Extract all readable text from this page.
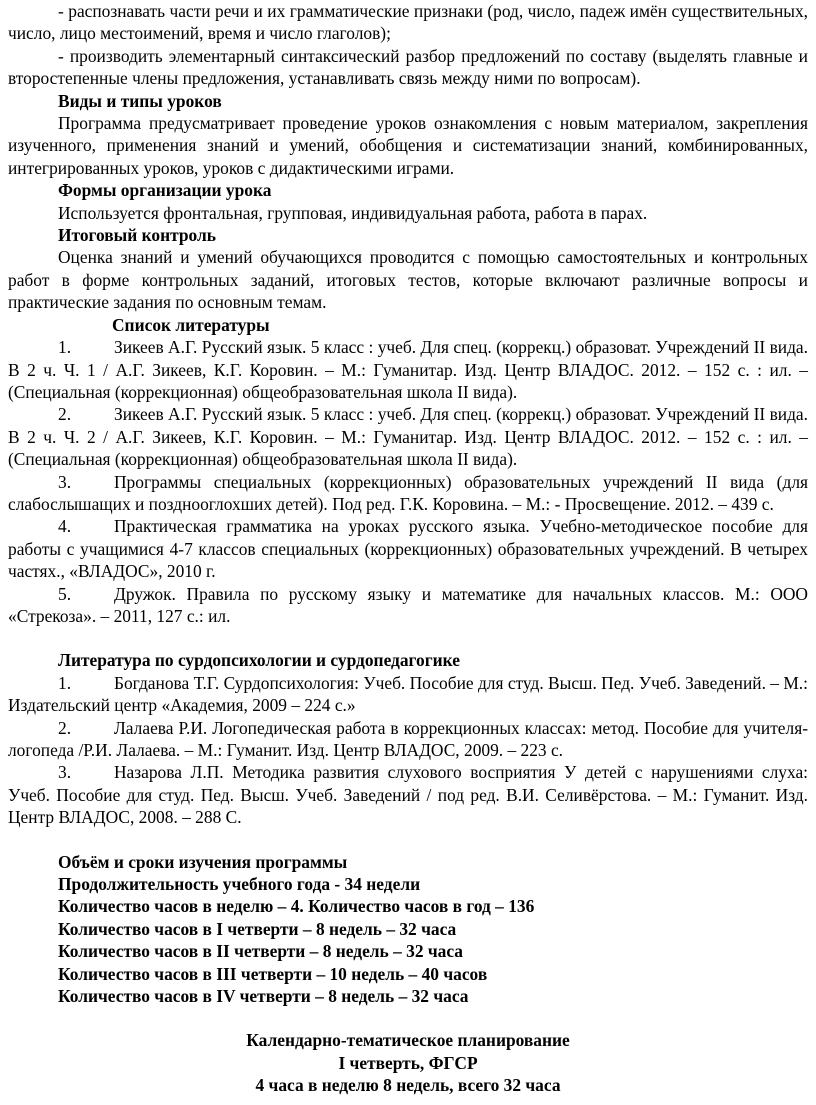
- распознавать части речи и их грамматические признаки (род, число, падеж имён существительных, число, лицо местоимений, время и число глаголов);

- производить элементарный синтаксический разбор предложений по составу (выделять главные и второстепенные члены предложения, устанавливать связь между ними по вопросам).

Виды и типы уроков

Программа предусматривает проведение уроков ознакомления с новым материалом, закрепления изученного, применения знаний и умений, обобщения и систематизации знаний, комбинированных, интегрированных уроков, уроков с дидактическими играми.

Формы организации урока

Используется фронтальная, групповая, индивидуальная работа, работа в парах.

Итоговый контроль

Оценка знаний и умений обучающихся проводится с помощью самостоятельных и контрольных работ в форме контрольных заданий, итоговых тестов, которые включают различные вопросы и практические задания по основным темам.

Список литературы

1. Зикеев А.Г. Русский язык. 5 класс : учеб. Для спец. (коррекц.) образоват. Учреждений II вида. В 2 ч. Ч. 1 / А.Г. Зикеев, К.Г. Коровин. – М.: Гуманитар. Изд. Центр ВЛАДОС. 2012. – 152 с. : ил. – (Специальная (коррекционная) общеобразовательная школа II вида).

2. Зикеев А.Г. Русский язык. 5 класс : учеб. Для спец. (коррекц.) образоват. Учреждений II вида. В 2 ч. Ч. 2 / А.Г. Зикеев, К.Г. Коровин. – М.: Гуманитар. Изд. Центр ВЛАДОС. 2012. – 152 с. : ил. – (Специальная (коррекционная) общеобразовательная школа II вида).

3. Программы специальных (коррекционных) образовательных учреждений II вида (для слабослышащих и позднооглохших детей). Под ред. Г.К. Коровина. – М.: - Просвещение. 2012. – 439 с.

4. Практическая грамматика на уроках русского языка. Учебно-методическое пособие для работы с учащимися 4-7 классов специальных (коррекционных) образовательных учреждений. В четырех частях., «ВЛАДОС», 2010 г.

5. Дружок. Правила по русскому языку и математике для начальных классов. М.: ООО «Стрекоза». – 2011, 127 с.: ил.

Литература по сурдопсихологии и сурдопедагогике

1. Богданова Т.Г. Сурдопсихология: Учеб. Пособие для студ. Высш. Пед. Учеб. Заведений. – М.: Издательский центр «Академия, 2009 – 224 с.»

2. Лалаева Р.И. Логопедическая работа в коррекционных классах: метод. Пособие для учителя-логопеда /Р.И. Лалаева. – М.: Гуманит. Изд. Центр ВЛАДОС, 2009. – 223 с.

3. Назарова Л.П. Методика развития слухового восприятия У детей с нарушениями слуха: Учеб. Пособие для студ. Пед. Высш. Учеб. Заведений / под ред. В.И. Селивёрстова. – М.: Гуманит. Изд. Центр ВЛАДОС, 2008. – 288 С.

Объём и сроки изучения программы

Продолжительность учебного года - 34 недели

Количество часов в неделю – 4. Количество часов в год – 136

Количество часов в I четверти – 8 недель – 32 часа

Количество часов в II четверти – 8 недель – 32 часа

Количество часов в III четверти – 10 недель – 40 часов

Количество часов в IV четверти – 8 недель – 32 часа

Календарно-тематическое планирование

I четверть, ФГСР

4 часа в неделю 8 недель, всего 32 часа
